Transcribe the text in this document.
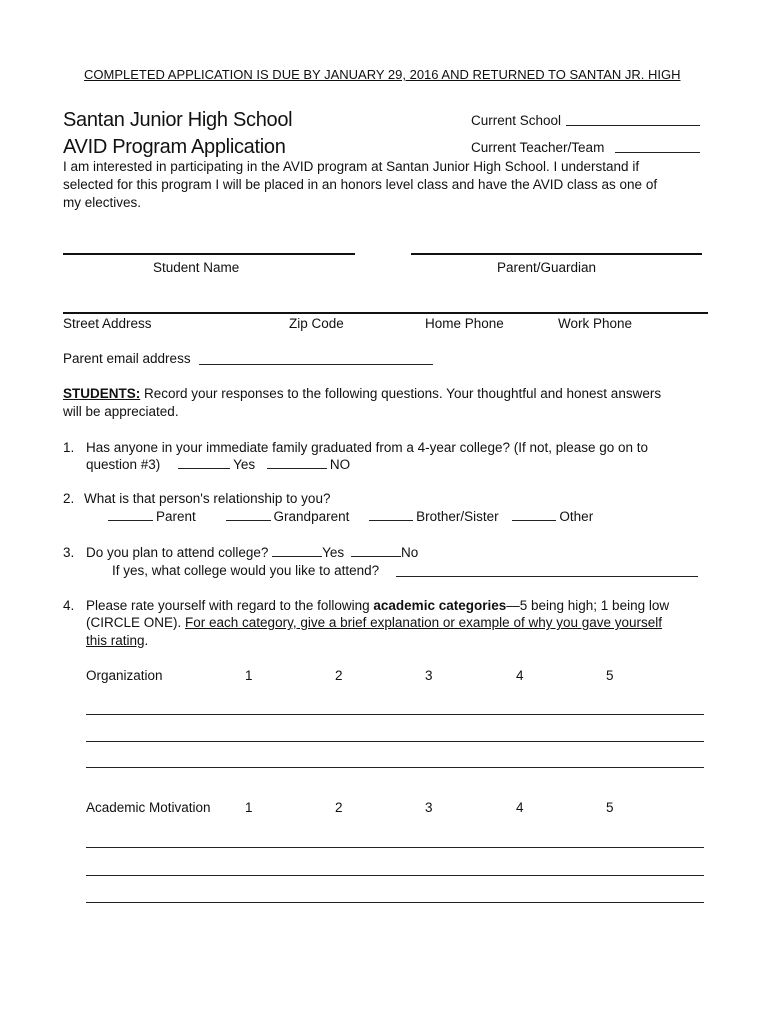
COMPLETED APPLICATION IS DUE BY JANUARY 29, 2016 AND RETURNED TO SANTAN JR. HIGH
Santan Junior High School
AVID Program Application
Current School
Current Teacher/Team
I am interested in participating in the AVID program at Santan Junior High School. I understand if
selected for this program I will be placed in an honors level class and have the AVID class as one of
my electives.
Student Name	Parent/Guardian
Street Address	Zip Code	Home Phone	Work Phone
Parent email address
STUDENTS: Record your responses to the following questions. Your thoughtful and honest answers
will be appreciated.
1. Has anyone in your immediate family graduated from a 4-year college? (If not, please go on to
question #3)	Yes	NO
2. What is that person's relationship to you?
Parent	Grandparent	Brother/Sister	Other
3. Do you plan to attend college?	Yes	No
If yes, what college would you like to attend?
4. Please rate yourself with regard to the following academic categories—5 being high; 1 being low
(CIRCLE ONE). For each category, give a brief explanation or example of why you gave yourself
this rating.
Organization	1	2	3	4	5
Academic Motivation	1	2	3	4	5
